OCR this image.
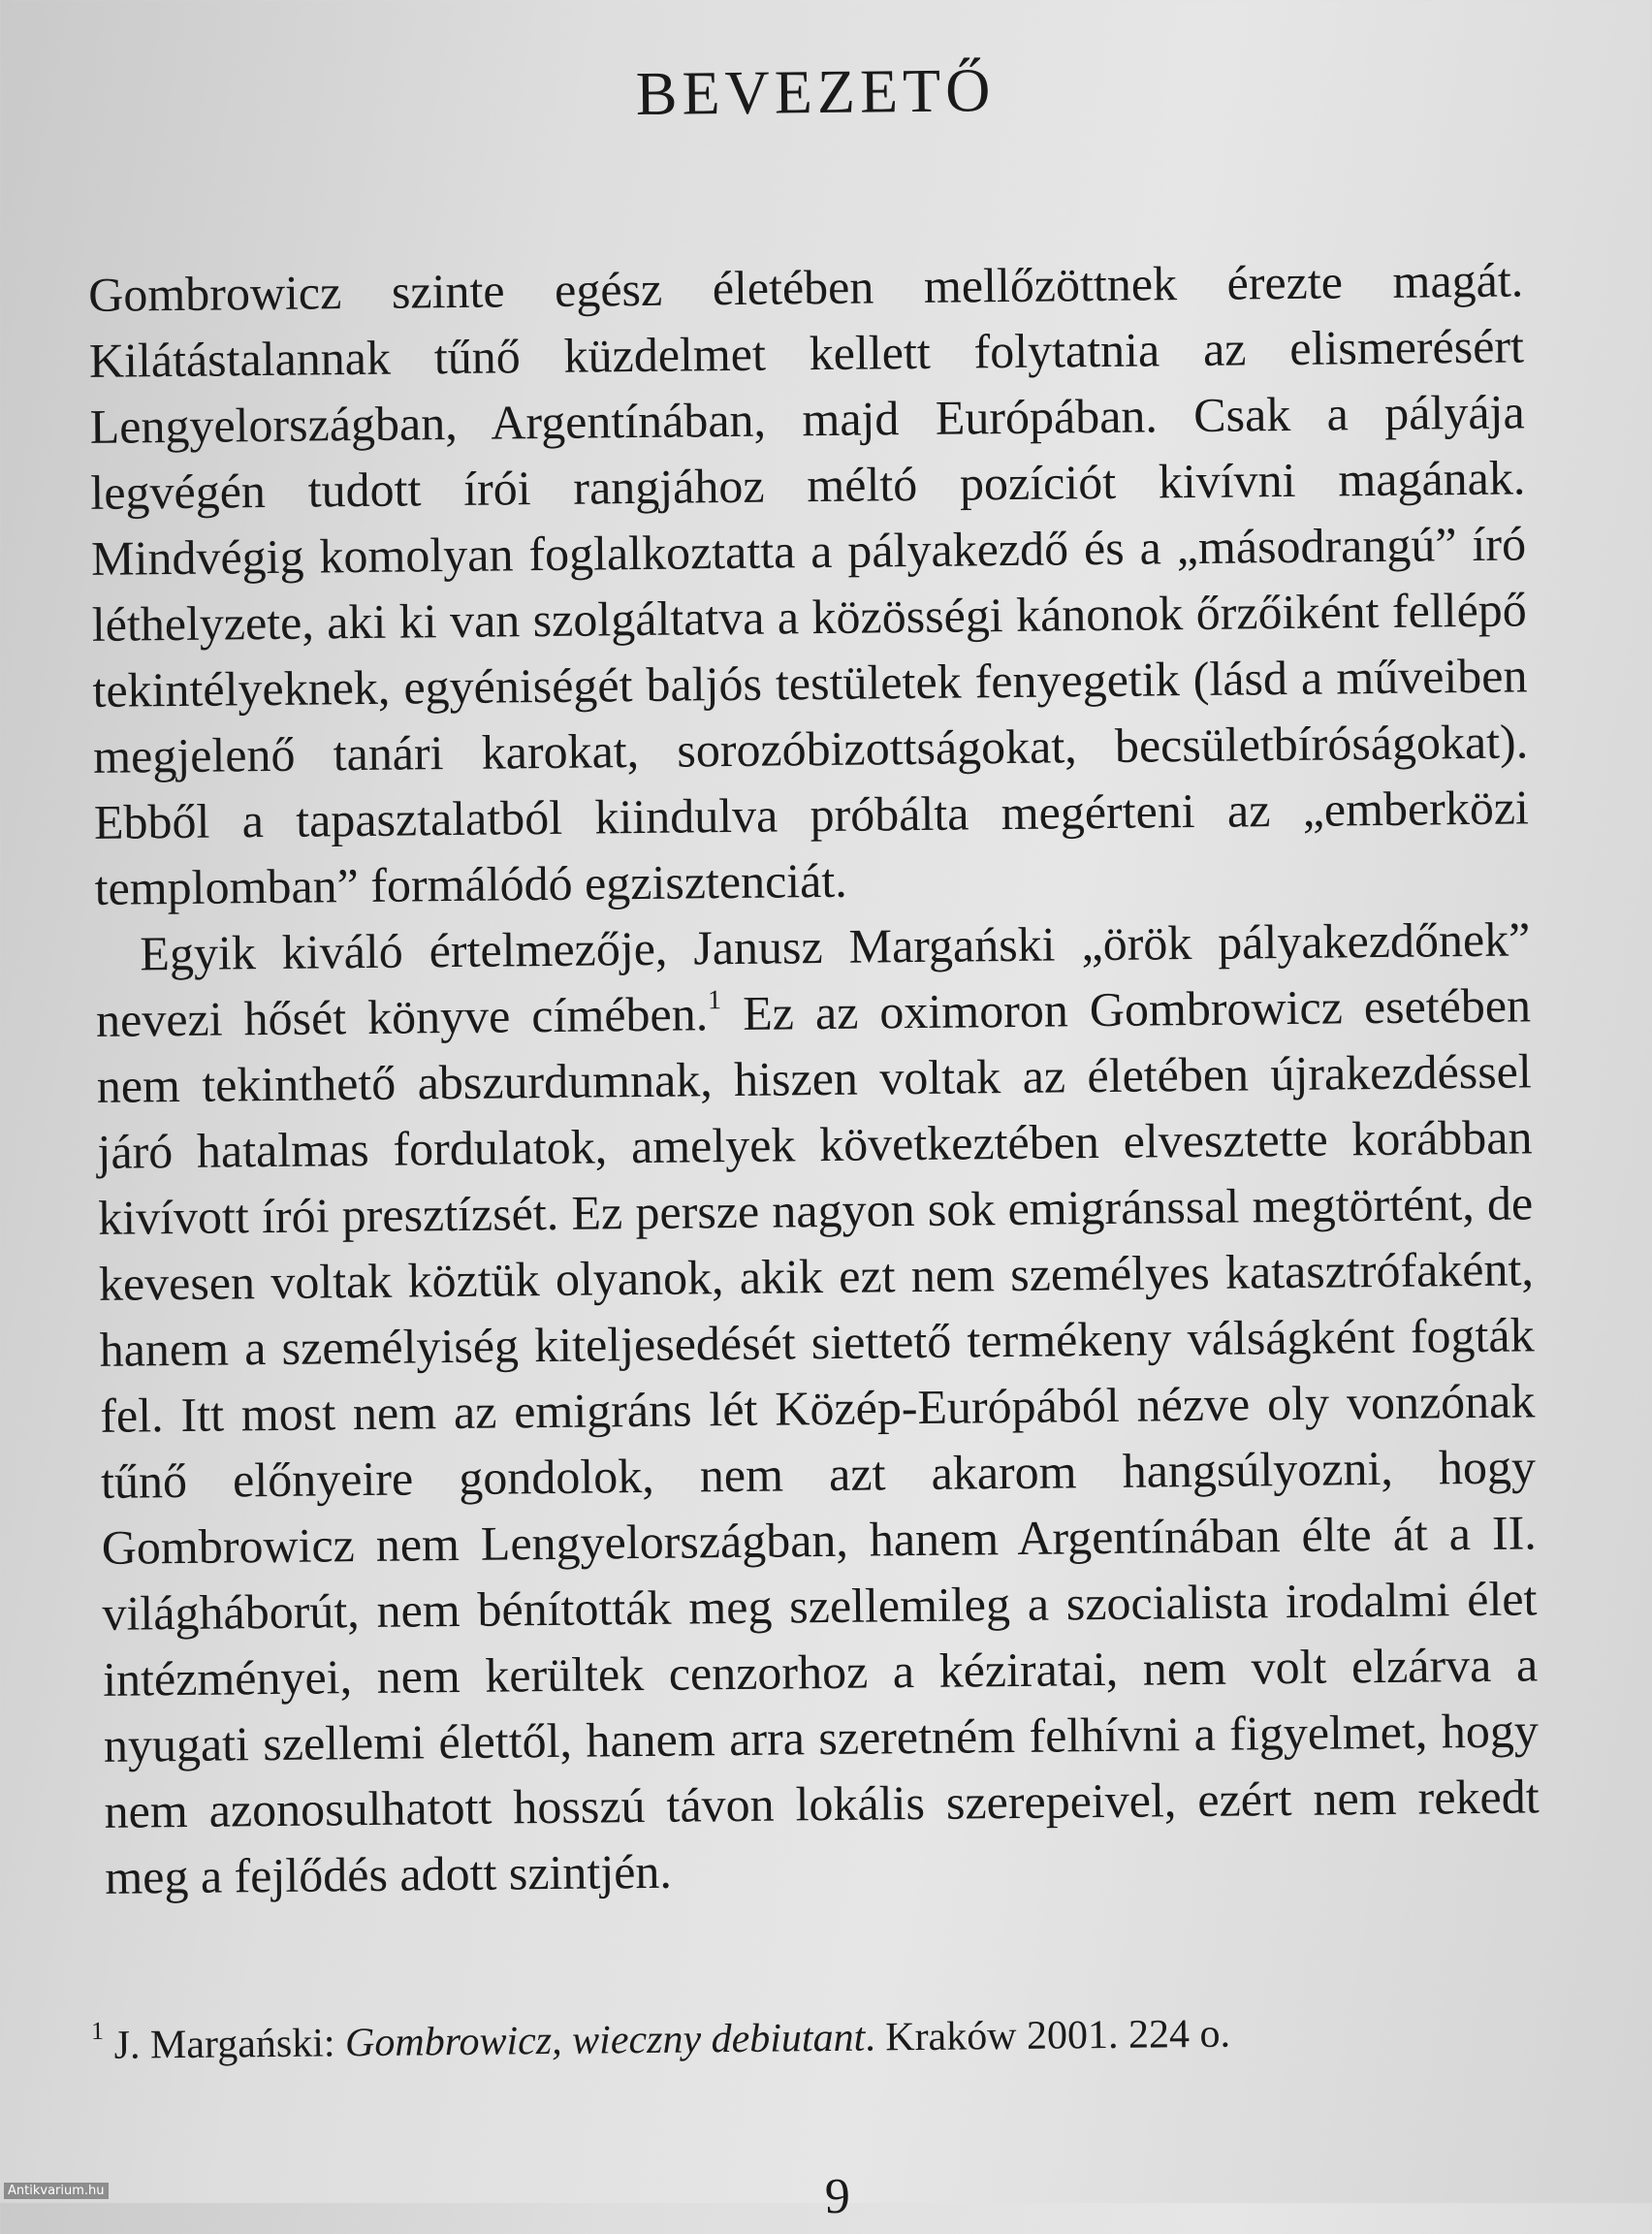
BEVEZETŐ

Gombrowicz szinte egész életében mellőzöttnek érezte magát. Kilátástalannak tűnő küzdelmet kellett folytatnia az elismerésért Lengyelországban, Argentínában, majd Európában. Csak a pályája legvégén tudott írói rangjához méltó pozíciót kivívni magának. Mindvégig komolyan foglalkoztatta a pályakezdő és a „másodrangú” író léthelyzete, aki ki van szolgáltatva a közösségi kánonok őrzőiként fellépő tekintélyeknek, egyéniségét baljós testületek fenyegetik (lásd a műveiben megjelenő tanári karokat, sorozóbizottságokat, becsületbíróságokat). Ebből a tapasztalatból kiindulva próbálta megérteni az „emberközi templomban” formálódó egzisztenciát.

Egyik kiváló értelmezője, Janusz Margański „örök pályakezdőnek” nevezi hősét könyve címében.$^1$ Ez az oximoron Gombrowicz esetében nem tekinthető abszurdumnak, hiszen voltak az életében újrakezdéssel járó hatalmas fordulatok, amelyek következtében elvesztette korábban kivívott írói presztízsét. Ez persze nagyon sok emigránssal megtörtént, de kevesen voltak köztük olyanok, akik ezt nem személyes katasztrófaként, hanem a személyiség kiteljesedését siettető termékeny válságként fogták fel. Itt most nem az emigráns lét Közép-Európából nézve oly vonzónak tűnő előnyeire gondolok, nem azt akarom hangsúlyozni, hogy Gombrowicz nem Lengyelországban, hanem Argentínában élte át a II. világháborút, nem bénították meg szellemileg a szocialista irodalmi élet intézményei, nem kerültek cenzorhoz a kéziratai, nem volt elzárva a nyugati szellemi élettől, hanem arra szeretném felhívni a figyelmet, hogy nem azonosulhatott hosszú távon lokális szerepeivel, ezért nem rekedt meg a fejlődés adott szintjén.

$^1$ J. Margański: Gombrowicz, wieczny debiutant. Kraków 2001. 224 o.

9
Antikvarium.hu
